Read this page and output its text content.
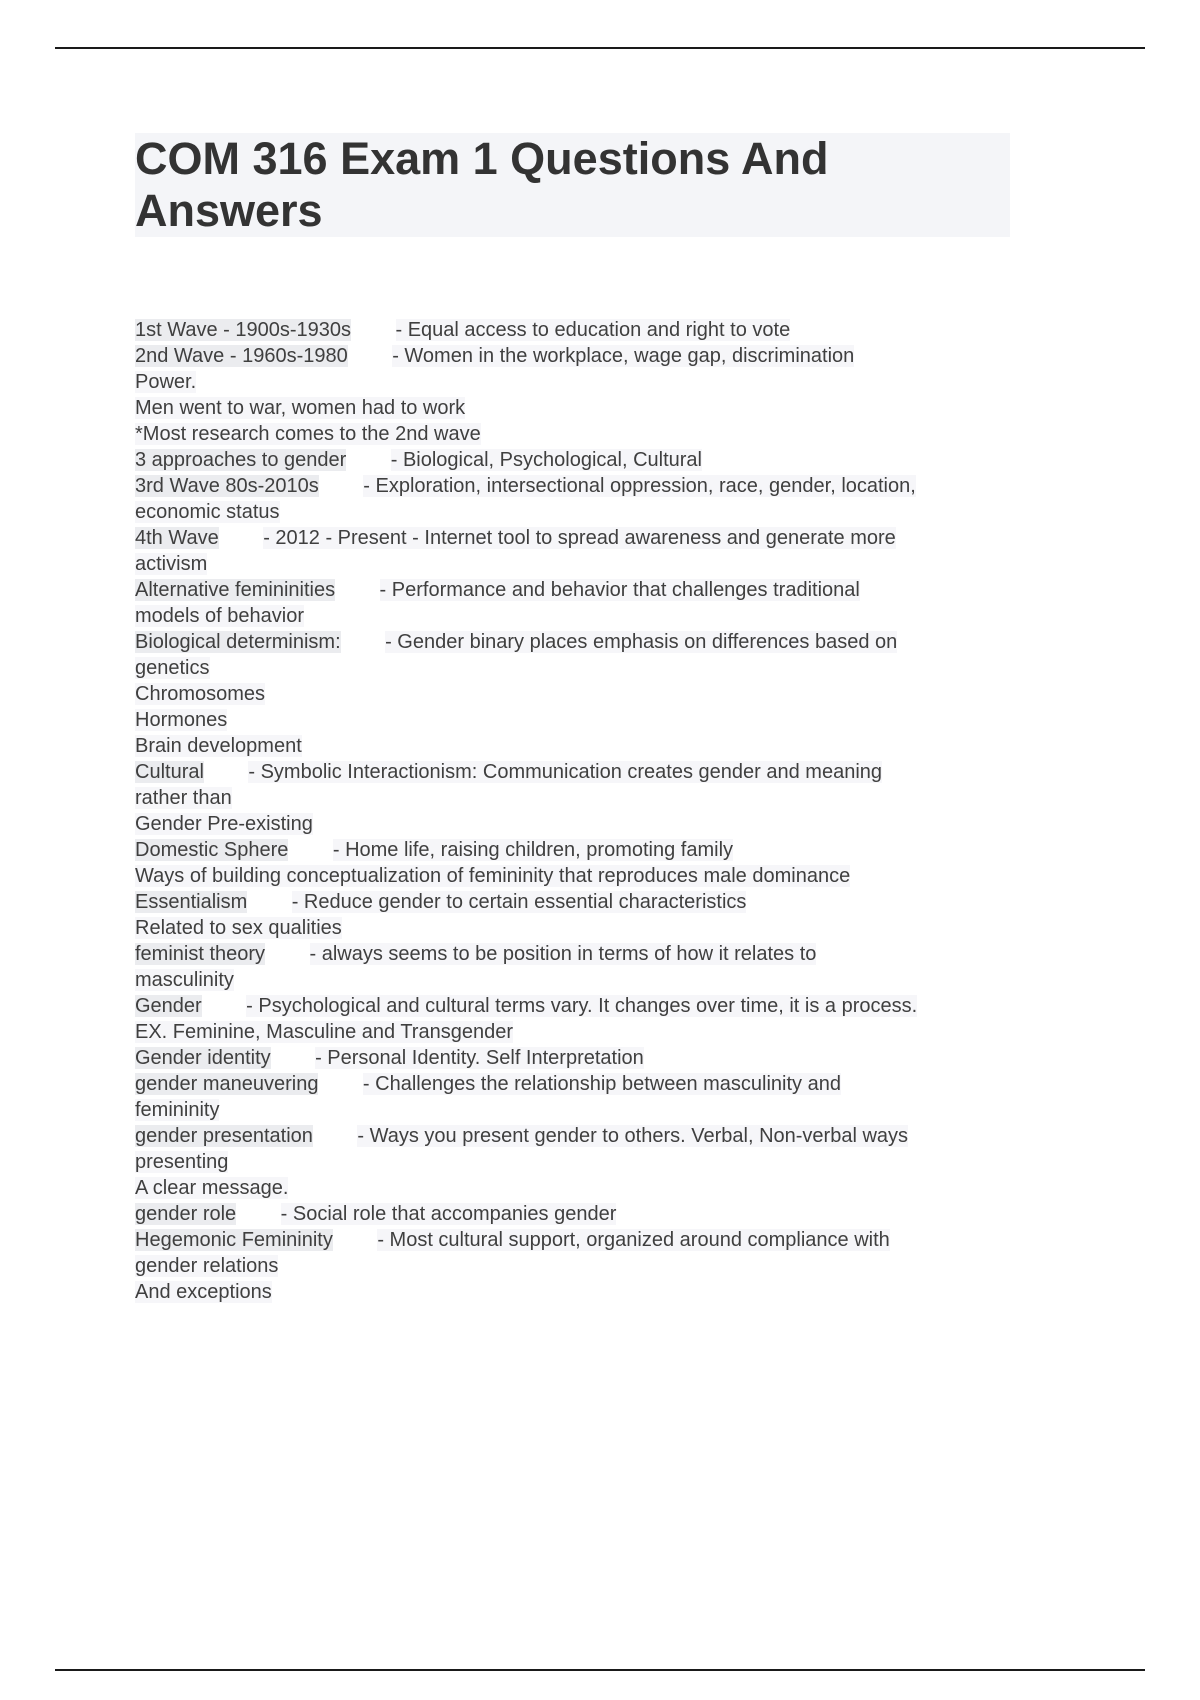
COM 316 Exam 1 Questions And Answers
1st Wave - 1900s-1930s - Equal access to education and right to vote
2nd Wave - 1960s-1980 - Women in the workplace, wage gap, discrimination
Power.
Men went to war, women had to work
*Most research comes to the 2nd wave
3 approaches to gender - Biological, Psychological, Cultural
3rd Wave 80s-2010s - Exploration, intersectional oppression, race, gender, location,
economic status
4th Wave - 2012 - Present - Internet tool to spread awareness and generate more
activism
Alternative femininities - Performance and behavior that challenges traditional
models of behavior
Biological determinism: - Gender binary places emphasis on differences based on
genetics
Chromosomes
Hormones
Brain development
Cultural - Symbolic Interactionism: Communication creates gender and meaning
rather than
Gender Pre-existing
Domestic Sphere - Home life, raising children, promoting family
Ways of building conceptualization of femininity that reproduces male dominance
Essentialism - Reduce gender to certain essential characteristics
Related to sex qualities
feminist theory - always seems to be position in terms of how it relates to
masculinity
Gender - Psychological and cultural terms vary. It changes over time, it is a process.
EX. Feminine, Masculine and Transgender
Gender identity - Personal Identity. Self Interpretation
gender maneuvering - Challenges the relationship between masculinity and
femininity
gender presentation - Ways you present gender to others. Verbal, Non-verbal ways
presenting
A clear message.
gender role - Social role that accompanies gender
Hegemonic Femininity - Most cultural support, organized around compliance with
gender relations
And exceptions
